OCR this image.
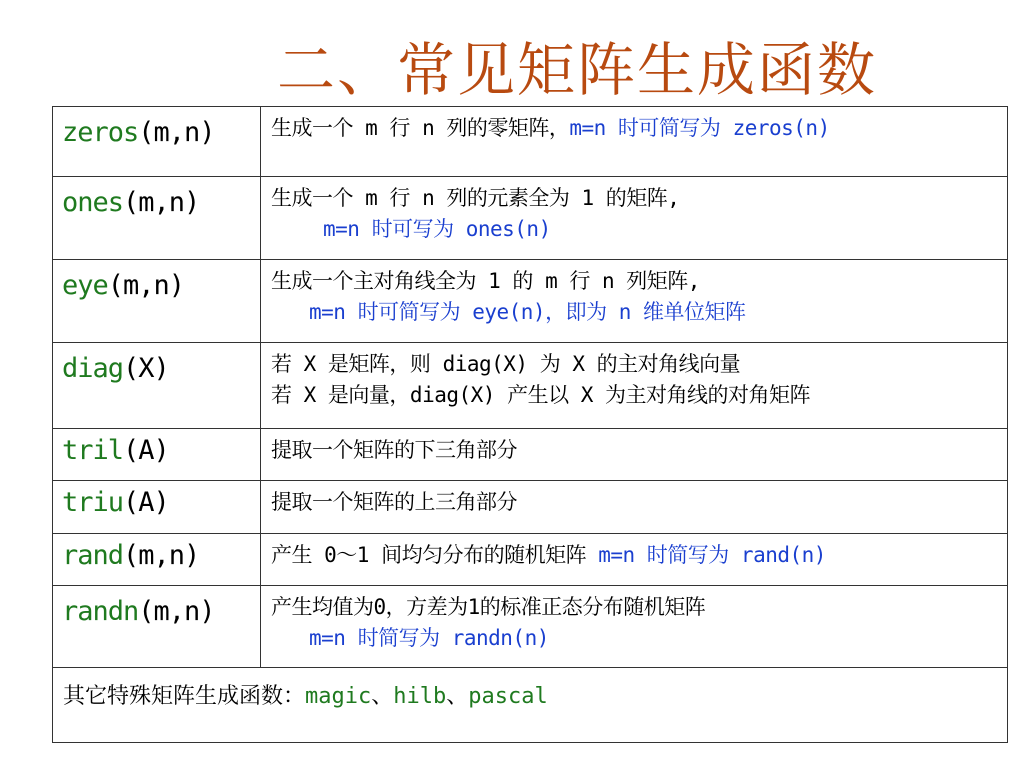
二、常见矩阵生成函数
zeros(m,n)	生成一个 m 行 n 列的零矩阵，m=n 时可简写为 zeros(n)

ones(m,n)	生成一个 m 行 n 列的元素全为 1 的矩阵,
m=n 时可写为 ones(n)

eye(m,n)	生成一个主对角线全为 1 的 m 行 n 列矩阵,
m=n 时可简写为 eye(n)，即为 n 维单位矩阵

diag(X)	若 X 是矩阵，则 diag(X) 为 X 的主对角线向量
若 X 是向量，diag(X) 产生以 X 为主对角线的对角矩阵

tril(A)	提取一个矩阵的下三角部分

triu(A)	提取一个矩阵的上三角部分

rand(m,n)	产生 0～1 间均匀分布的随机矩阵 m=n 时简写为 rand(n)

randn(m,n)	产生均值为0，方差为1的标准正态分布随机矩阵
m=n 时简写为 randn(n)

其它特殊矩阵生成函数：magic、hilb、pascal	
